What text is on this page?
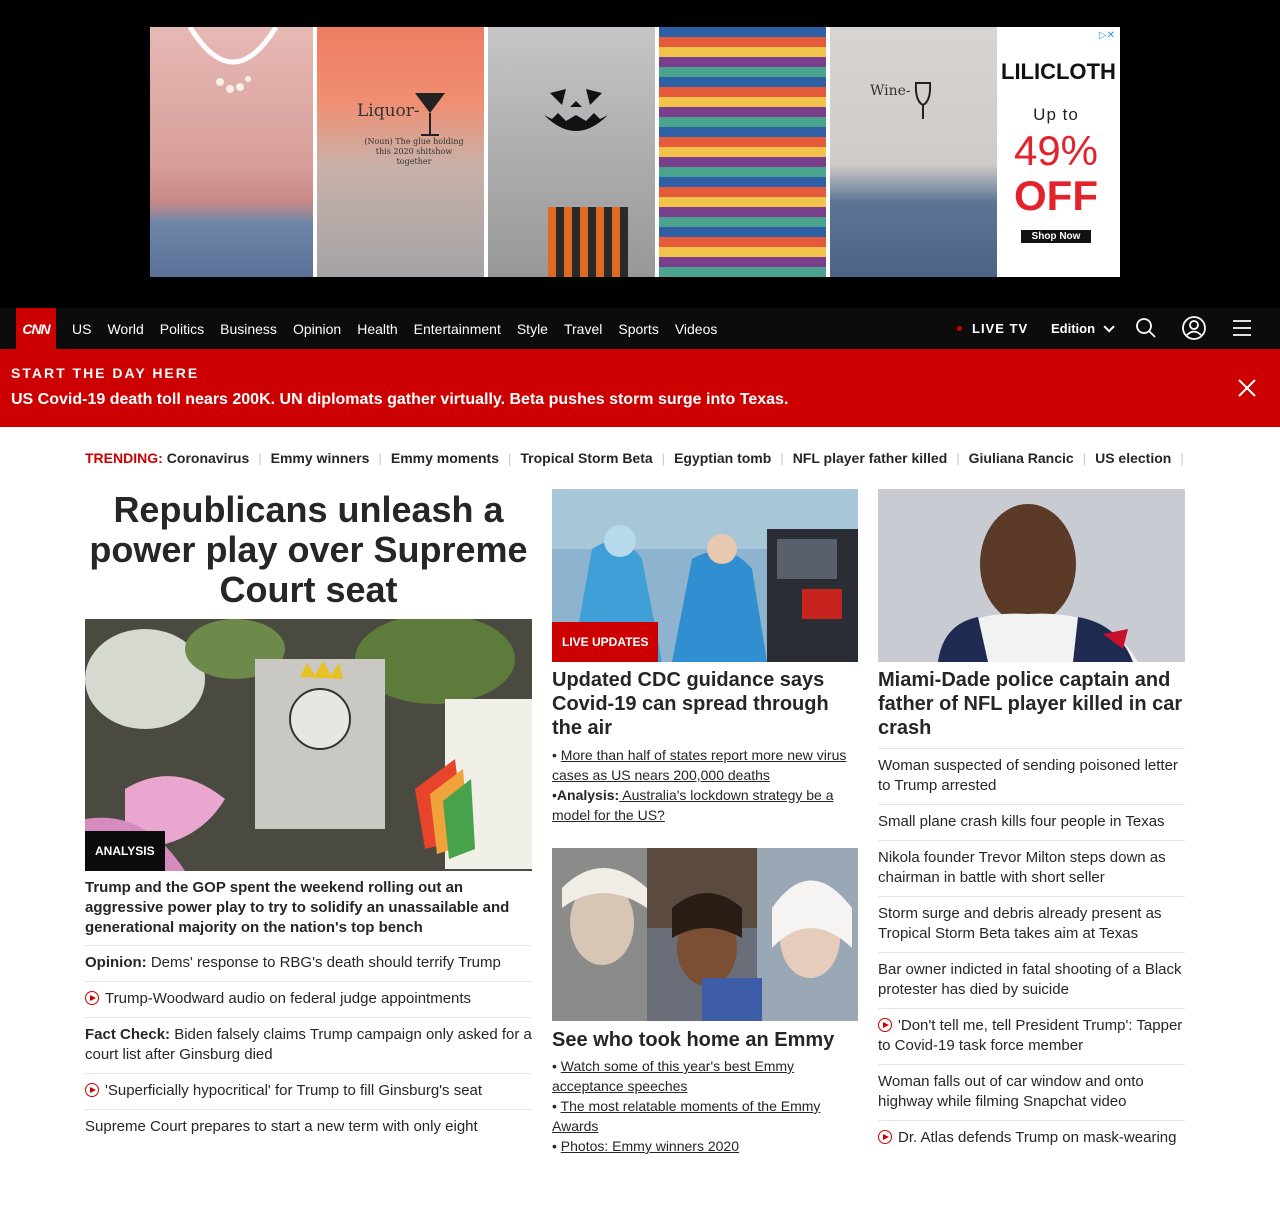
Liquor-
(Noun) The glue holding this 2020 shitshow together
Wine-
▷✕
LILICLOTH
Up to
49%
OFF
Shop Now
CNN	US World Politics Business Opinion Health Entertainment Style Travel Sports Videos	LIVE TV Edition
START THE DAY HERE
US Covid-19 death toll nears 200K. UN diplomats gather virtually. Beta pushes storm surge into Texas.
TRENDING: Coronavirus | Emmy winners | Emmy moments | Tropical Storm Beta | Egyptian tomb | NFL player father killed | Giuliana Rancic | US election |
Republicans unleash a power play over Supreme Court seat
ANALYSIS
Trump and the GOP spent the weekend rolling out an aggressive power play to try to solidify an unassailable and generational majority on the nation's top bench
Opinion: Dems' response to RBG's death should terrify Trump
Trump-Woodward audio on federal judge appointments
Fact Check: Biden falsely claims Trump campaign only asked for a court list after Ginsburg died
'Superficially hypocritical' for Trump to fill Ginsburg's seat
Supreme Court prepares to start a new term with only eight
LIVE UPDATES
Updated CDC guidance says Covid-19 can spread through the air
• More than half of states report more new virus cases as US nears 200,000 deaths
•Analysis: Australia's lockdown strategy be a model for the US?
See who took home an Emmy
• Watch some of this year's best Emmy acceptance speeches
• The most relatable moments of the Emmy Awards
• Photos: Emmy winners 2020
Miami-Dade police captain and father of NFL player killed in car crash
Woman suspected of sending poisoned letter to Trump arrested
Small plane crash kills four people in Texas
Nikola founder Trevor Milton steps down as chairman in battle with short seller
Storm surge and debris already present as Tropical Storm Beta takes aim at Texas
Bar owner indicted in fatal shooting of a Black protester has died by suicide
'Don't tell me, tell President Trump': Tapper to Covid-19 task force member
Woman falls out of car window and onto highway while filming Snapchat video
Dr. Atlas defends Trump on mask-wearing
